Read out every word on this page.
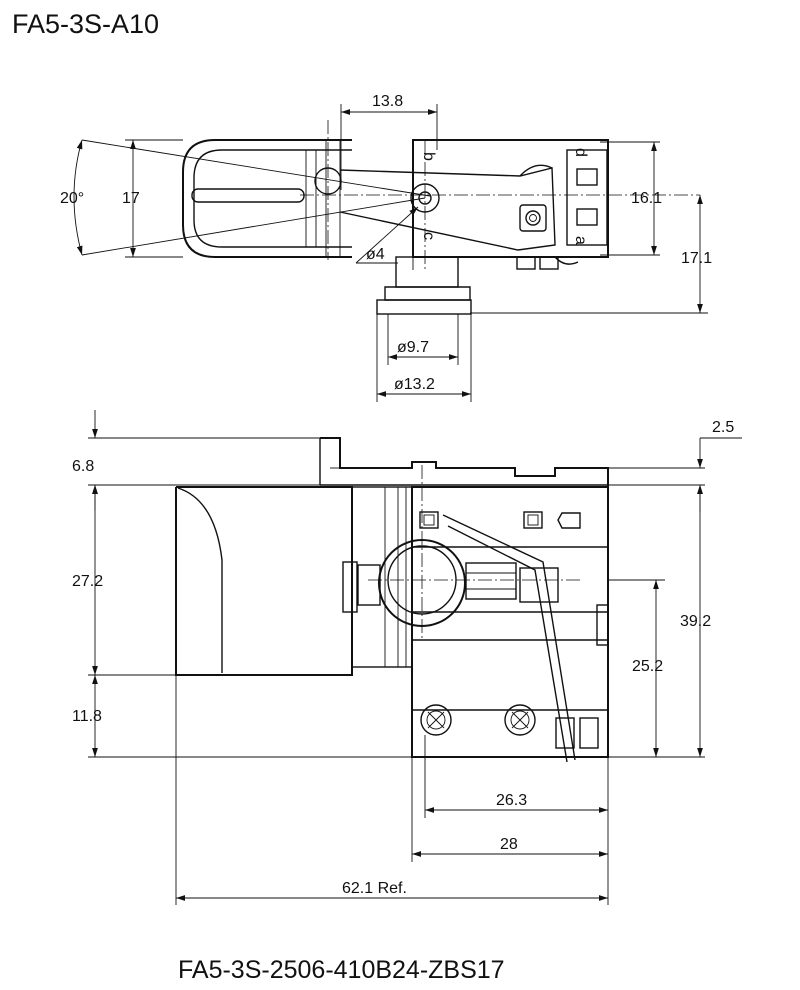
FA5-3S-A10
b
c
d
a
20° 17
13.8
16.1
17.1
ø4
ø9.7
ø13.2
6.8
27.2
11.8
2.5
39.2
25.2
26.3
28
62.1 Ref.
FA5-3S-2506-410B24-ZBS17
